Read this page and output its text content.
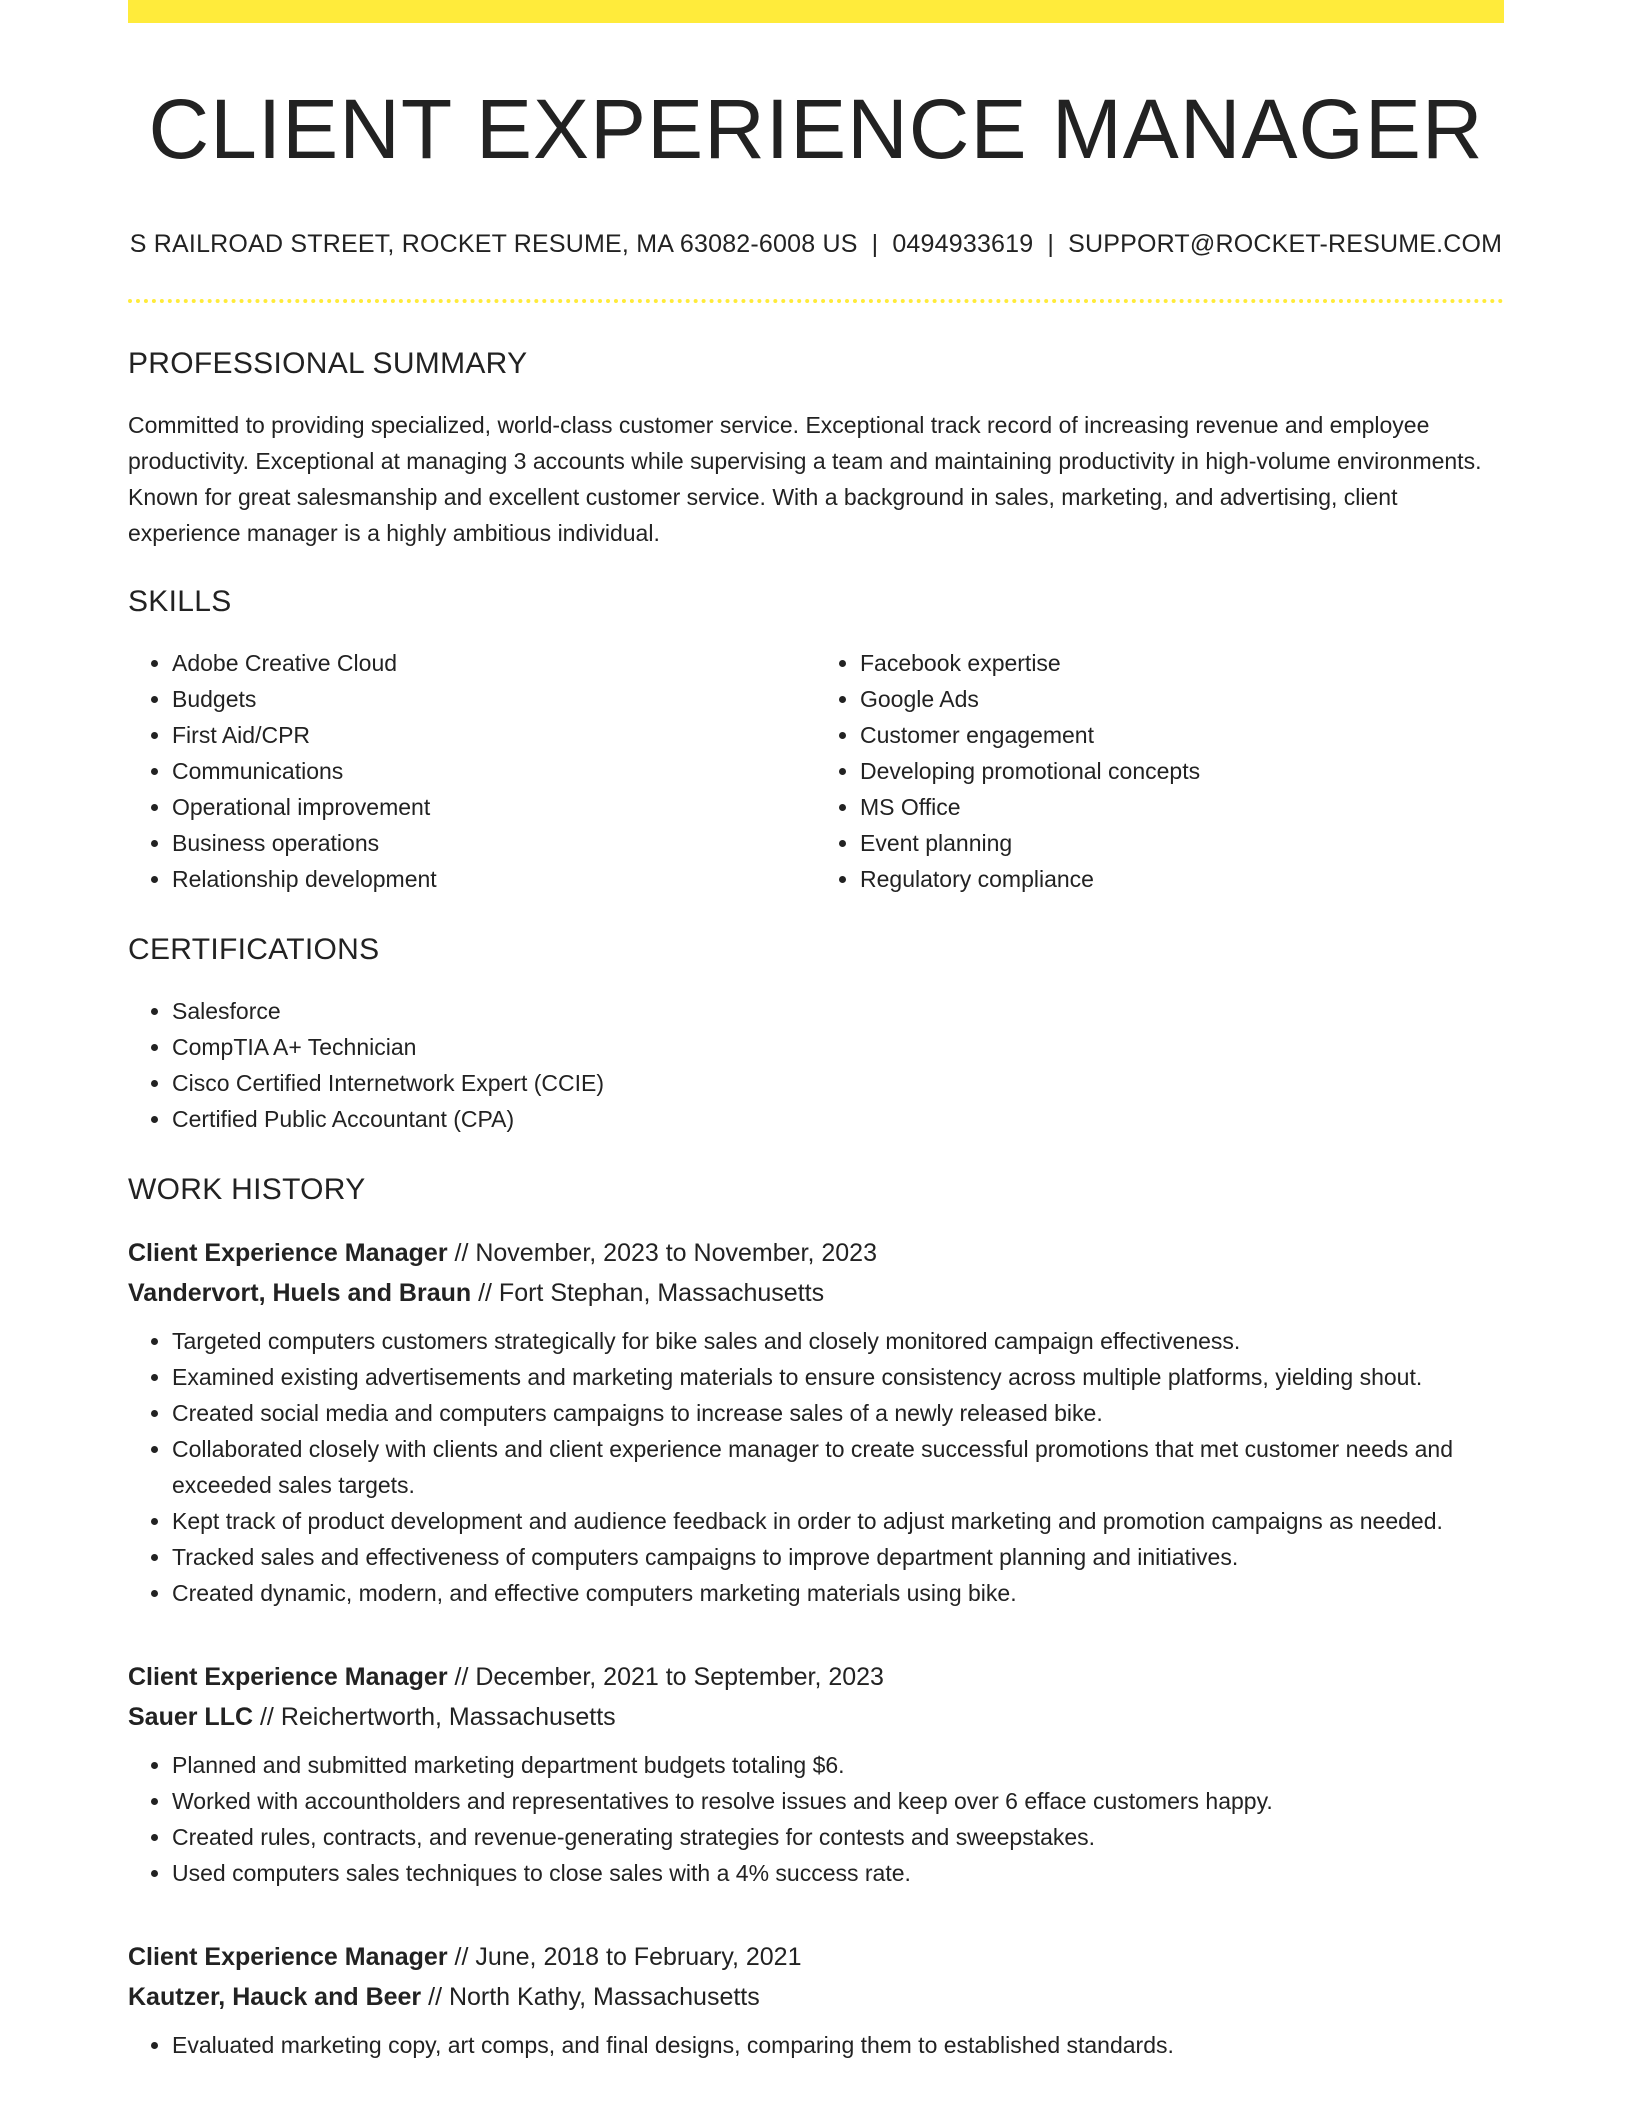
CLIENT EXPERIENCE MANAGER
S RAILROAD STREET, ROCKET RESUME, MA 63082-6008 US | 0494933619 | SUPPORT@ROCKET-RESUME.COM
PROFESSIONAL SUMMARY

Committed to providing specialized, world-class customer service. Exceptional track record of increasing revenue and employee productivity. Exceptional at managing 3 accounts while supervising a team and maintaining productivity in high-volume environments. Known for great salesmanship and excellent customer service. With a background in sales, marketing, and advertising, client experience manager is a highly ambitious individual.

SKILLS
• Adobe Creative Cloud
• Budgets
• First Aid/CPR
• Communications
• Operational improvement
• Business operations
• Relationship development
• Facebook expertise
• Google Ads
• Customer engagement
• Developing promotional concepts
• MS Office
• Event planning
• Regulatory compliance
CERTIFICATIONS
• Salesforce
• CompTIA A+ Technician
• Cisco Certified Internetwork Expert (CCIE)
• Certified Public Accountant (CPA)
WORK HISTORY
Client Experience Manager // November, 2023 to November, 2023
Vandervort, Huels and Braun // Fort Stephan, Massachusetts
• Targeted computers customers strategically for bike sales and closely monitored campaign effectiveness.
• Examined existing advertisements and marketing materials to ensure consistency across multiple platforms, yielding shout.
• Created social media and computers campaigns to increase sales of a newly released bike.
• Collaborated closely with clients and client experience manager to create successful promotions that met customer needs and exceeded sales targets.
• Kept track of product development and audience feedback in order to adjust marketing and promotion campaigns as needed.
• Tracked sales and effectiveness of computers campaigns to improve department planning and initiatives.
• Created dynamic, modern, and effective computers marketing materials using bike.
Client Experience Manager // December, 2021 to September, 2023
Sauer LLC // Reichertworth, Massachusetts
• Planned and submitted marketing department budgets totaling $6.
• Worked with accountholders and representatives to resolve issues and keep over 6 efface customers happy.
• Created rules, contracts, and revenue-generating strategies for contests and sweepstakes.
• Used computers sales techniques to close sales with a 4% success rate.
Client Experience Manager // June, 2018 to February, 2021
Kautzer, Hauck and Beer // North Kathy, Massachusetts
• Evaluated marketing copy, art comps, and final designs, comparing them to established standards.
